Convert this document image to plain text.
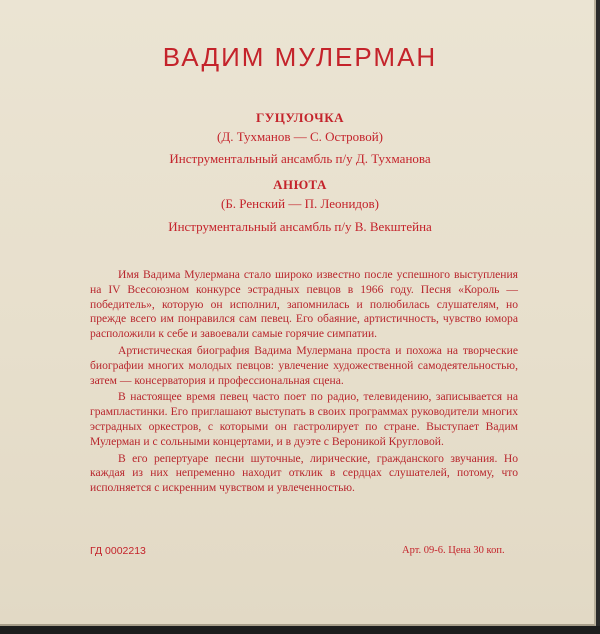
ВАДИМ МУЛЕРМАН
ГУЦУЛОЧКА
(Д. Тухманов — С. Островой)
Инструментальный ансамбль п/у Д. Тухманова
АНЮТА
(Б. Ренский — П. Леонидов)
Инструментальный ансамбль п/у В. Векштейна

Имя Вадима Мулермана стало широко известно после успешного выступления на IV Всесоюзном конкурсе эстрадных певцов в 1966 году. Песня «Король — победитель», которую он исполнил, запомнилась и полюбилась слушателям, но прежде всего им понравился сам певец. Его обаяние, артистичность, чувство юмора расположили к себе и завоевали самые горячие симпатии.

Артистическая биография Вадима Мулермана проста и похожа на творческие биографии многих молодых певцов: увлечение художественной самодеятельностью, затем — консерватория и профессиональная сцена.

В настоящее время певец часто поет по радио, телевидению, записывается на грампластинки. Его приглашают выступать в своих программах руководители многих эстрадных оркестров, с которыми он гастролирует по стране. Выступает Вадим Мулерман и с сольными концертами, и в дуэте с Вероникой Кругловой.

В его репертуаре песни шуточные, лирические, гражданского звучания. Но каждая из них непременно находит отклик в сердцах слушателей, потому, что исполняется с искренним чувством и увлеченностью.

ГД 0002213	Арт. 09-6. Цена 30 коп.
